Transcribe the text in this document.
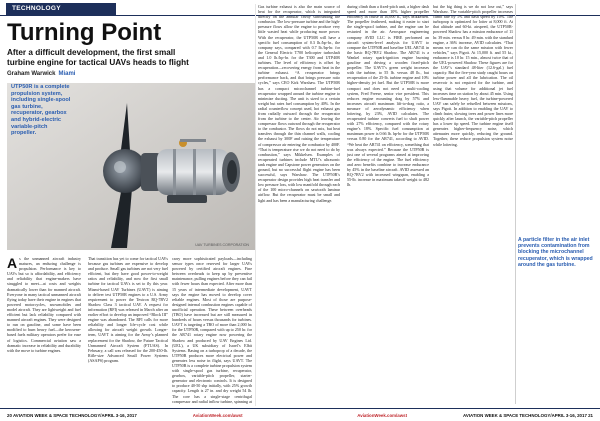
TECHNOLOGY
Turning Point
After a difficult development, the first small turbine engine for tactical UAVs heads to flight
Graham Warwick Miami
UAV TURBINES CORPORATION
UTP50R is a complete propulsion system, including single-spool gas turbine, recuperator, gearbox and hybrid-electric variable-pitch propeller.
A s the unmanned aircraft industry matures, an enduring challenge is propulsion. Performance is key to UAVs but so is affordability, and efficiency and reliability that engine-makers have struggled to meet—at costs and weights dramatically lower than for manned aircraft. Everyone in many tactical unmanned aircraft flying today have their engine in engines that powered motorcycles, snowmobiles and model aircraft. They are lightweight and fuel efficient but lack reliability compared with manned aircraft engines. They were designed to run on gasoline, and some have been modified to burn heavy fuel—the kerosene-based fuels military operators prefer for ease of logistics. Commercial aviation saw a dramatic increase in reliability and durability with the move to turbine engines.

That transition has yet to come for tactical UAVs because gas turbines are expensive to develop and produce. Small gas turbines are not very fuel efficient, but they have good power-to-weight ratios and reliability, and now the first small turbine for tactical UAVs is set to fly this year. Miami-based UAV Turbines (UAVT) is aiming to deliver test UTP50R engines to a U.S. Army requirement to power the Textron RQ-7BV2 Shadow Class 3 tactical UAV. A request for information (RFI) was released in March after an earlier effort to develop an improved “Block III” engine was abandoned. The RFI calls for more reliability and longer life-cycle cost while allowing for aircraft weight growth. Longer-term, UAVT is aiming for the Army’s planned replacement for the Shadow, the Future Tactical Unmanned Aircraft System (FTUAS). In February, a call was released for the 200-450-lb. Rifle-size Advanced Small Power Systems (ASAPS) program.

carry more sophisticated payloads—including sensor types once reserved for larger UAVs powered by certified aircraft engines. Fine between overheads to keep up by preventive maintenance, pulling engines before they can fail with fewer hours than expected. After more than 15 years of intermediate development, UAVT says the engine has moved to develop cover reliable engines. Most of those are purpose-designed internal combustion engines capable of unofficial operation. These between overheads (TBO) have increased but are still measured in hundreds of hours versus thousands for turbines. UAVT is targeting a TBO of more than 2,000 hr. for the UTP50R, compared with up to 250 hr. for the AR741 rotary engine now powering the Shadow and produced by UAV Engines Ltd. (UEL), a UK subsidiary of Israel’s Elbit Systems. Basing on a turboprop of a decade, the UTP50R produces more electrical power and generates less noise in flight, says UAVT. The UTP50R is a complete turbine propulsion system with single-spool gas turbine, recuperator, gearbox, variable-pitch propeller, starter-generator and electronic controls. It is designed to produce 40-50 shp initially, with 25% growth capacity. Length is 27 in. and dry weight 54 lb. The core has a single-stage centrifugal compressor and radial inflow turbine, spinning at

Gas turbine exhaust is also the main source of heat for the recuperator, which is integrated directly on the annular cavity surrounding the combustor. The low-pressure turbine and the high-pressure flows allow the engine to produce very little wasted heat while producing more power. With the recuperator, the UTP50R will have a specific fuel consumption of 0.3 lb./hp-hr., the company says, compared with 0.7 lb./hp-hr. for the General Electric T700 helicopter turboshaft and 1.0 lb./hp-hr. for the T300 and UTP40R turbines. The level of efficiency is offset by recuperation—recovering energy from heat in the turbine exhaust. “A recuperator brings performance back, and that brings pressure ratio cycles,” says CEO Kirk Warshaw. The UTP50R has a compact microchannel turbine-fuel recuperator wrapped around the turbine engine to minimize ducting. The unit is sized to a certain weight but rates fuel consumption by 40%. In the radial counterflow concept used, hot exhaust gas from radially outward through the recuperator from the turbine to the center. Air leaving the compressor flows outward through the recuperator to the combustor. The flows do not mix, but heat transfers through the thin channel walls, cooling the exhaust by 300F and raising the temperature of compressor air entering the combustor by 400F. “That is temperature rise we do not need to do by combustion,” says Mikkelsen. Examples of recuperated turbines include MTU’s ultrasonic tank engine and Capstone power generators on the ground, but no successful flight engine has been successful, says Warshaw. The UTP50R’s recuperator design provides high heat transfer and low pressure loss, with low manifold through each of the 100 micro-channels on sawtooth laminar airflow. But the recuperator must be small and light and has been a manufacturing challenge.

during climb than a fixed-pitch unit, a higher dash speed and more than 10% higher propeller efficiency in cruise at 10,000 ft., says Mikkelsen. The propeller feathered, making it easier to start the single-spool turbine, and the engine can be restarted in the air. Aerospace engineering company AVID LLC is FIRE performed an aircraft system-level analysis for UAVT to compare the UTP50R and baseline UEL AR741 in the basic RQ-7BV2 Shadow. The AR741 is a Wankel rotary spark-ignition engine burning gasoline and driving a wooden fixed-pitch propeller. The UAVT’s green weight increases with the turbine, to 55 lb. versus 48 lb., but recuperation of the 25-lb. turbine engine and 10% higher-density jet fuel. But the UTP50R is more compact and does not need a multi-cooling system, Fred Freese, senior vice president. This reduces engine mounting drag by 57% and increases aircraft maximum lift-to-drag ratio, a measure of aerodynamic efficiency when loitering, by 23%, AVID calculates. The recuperated turbine converts fuel to shaft power with 27% efficiency, compared with the rotary engine’s 18%. Specific fuel consumption at maximum power is 0.66 lb. hp-hr for the UTP50R versus 0.80 for the AR741, according to AVID. “We beat the AR741 on efficiency, something that was always expected.” Because the UTP50R is just one of several programs aimed at improving the efficiency of the engine. The fuel efficiency and aero benefits combine to increase endurance by 45% in the baseline aircraft. AVID assessed an RQ-7BV2 with increased wingspan, enabling a 55-lb. increase in maximum takeoff weight to 482 lb.

but the big thing is we do not lose out,” says Warshaw. The variable-pitch propeller increases climb rate by 1% and dash speed by 10%. The turboprop is optimized for loiter at 8,000 ft. At that altitude and 60-kt. airspeed, the UTP50R-powered Shadow has a mission endurance of 11 hr. 39 min. versus 8 hr. 49 min. with the standard engine, a 36% increase, AVID calculates. “That means we can do the same mission with fewer vehicles,” says Pigott. At 15,000 ft. and 55 kt., endurance is 10 hr. 15 min., almost twice that of the UEL-powered Shadow. These figures are for the UAV’s standard 48-liter (12.6-gal.) fuel capacity. But the five-year study caught hours on turbine power and all the lubrication. The oil reservoir is not required for the turbine, and using that volume for additional jet fuel increases time on station by about 45 min. Using less-flammable heavy fuel, the turbine-powered UAV can safely be refuelled between missions, says Pigott. In addition to enabling the UAV to climb faster, slowing trees and power lines more quickly after launch, the variable-pitch propeller has a lower tip speed. The turbine engine itself generates higher-frequency noise, which attenuates more quickly, reducing the ground. Together, these reduce propulsion system noise while loitering.

A particle filter in the air inlet prevents contamination from blocking the microchannel recuperator, which is wrapped around the gas turbine.
20 AVIATION WEEK & SPACE TECHNOLOGY/APRIL 3-16, 2017	AviationWeek.com/awst	AviationWeek.com/awst	AVIATION WEEK & SPACE TECHNOLOGY/APRIL 3-16, 2017 21
